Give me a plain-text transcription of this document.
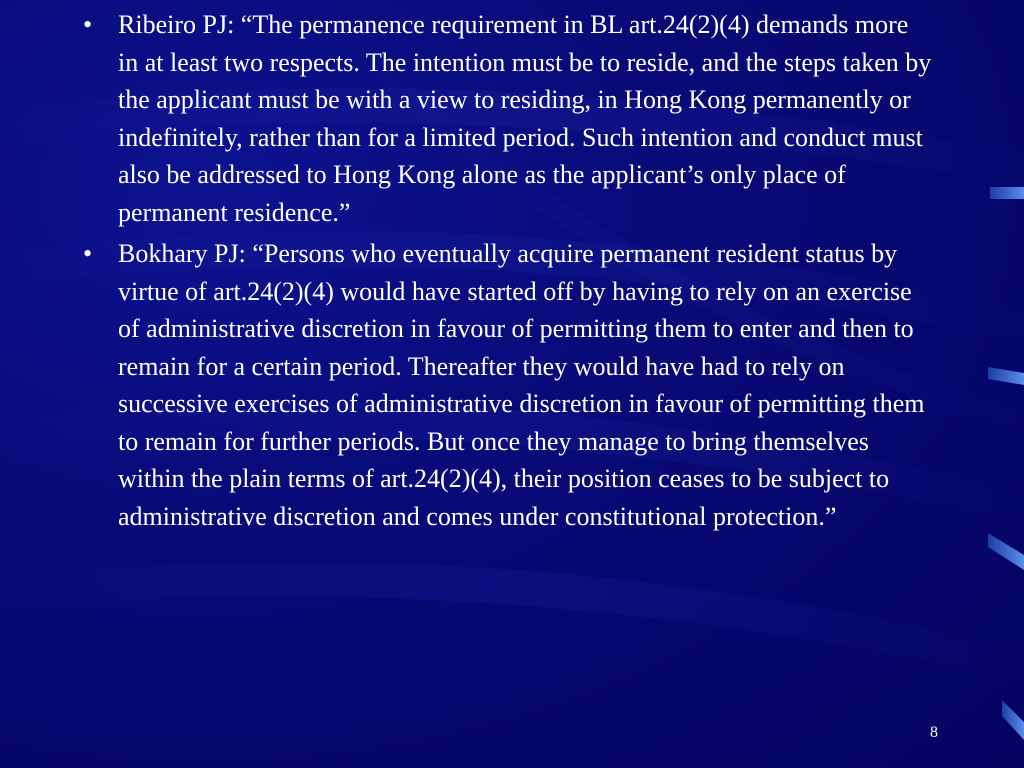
• Ribeiro PJ: “The permanence requirement in BL art.24(2)(4) demands more in at least two respects. The intention must be to reside, and the steps taken by the applicant must be with a view to residing, in Hong Kong permanently or indefinitely, rather than for a limited period. Such intention and conduct must also be addressed to Hong Kong alone as the applicant’s only place of permanent residence.”
• Bokhary PJ: “Persons who eventually acquire permanent resident status by virtue of art.24(2)(4) would have started off by having to rely on an exercise of administrative discretion in favour of permitting them to enter and then to remain for a certain period. Thereafter they would have had to rely on successive exercises of administrative discretion in favour of permitting them to remain for further periods. But once they manage to bring themselves within the plain terms of art.24(2)(4), their position ceases to be subject to administrative discretion and comes under constitutional protection.”
8
